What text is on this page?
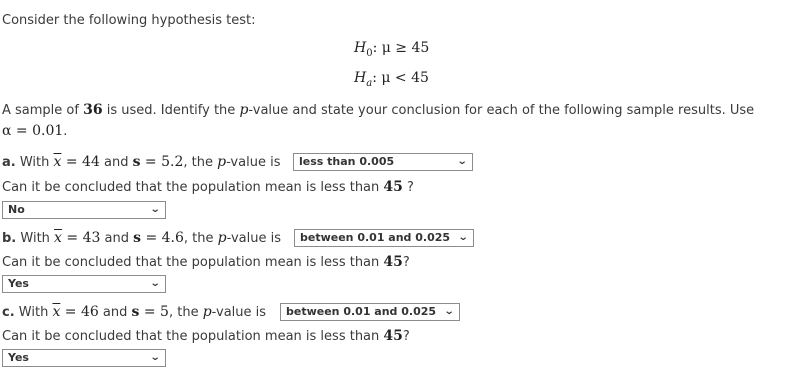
Consider the following hypothesis test:
$H_0$: μ ≥ 45
$H_a$: μ < 45
A sample of 36 is used. Identify the p-value and state your conclusion for each of the following sample results. Use
α = 0.01.
a. With $\overline{x} = 44$ and s = 5.2, the p-value is	less than 0.005	⌄
Can it be concluded that the population mean is less than 45 ?
No	⌄
b. With $\overline{x} = 43$ and s = 4.6, the p-value is	between 0.01 and 0.025 ⌄
Can it be concluded that the population mean is less than 45?
Yes	⌄
c. With $\overline{x} = 46$ and s = 5, the p-value is	between 0.01 and 0.025 ⌄
Can it be concluded that the population mean is less than 45?
Yes	⌄
